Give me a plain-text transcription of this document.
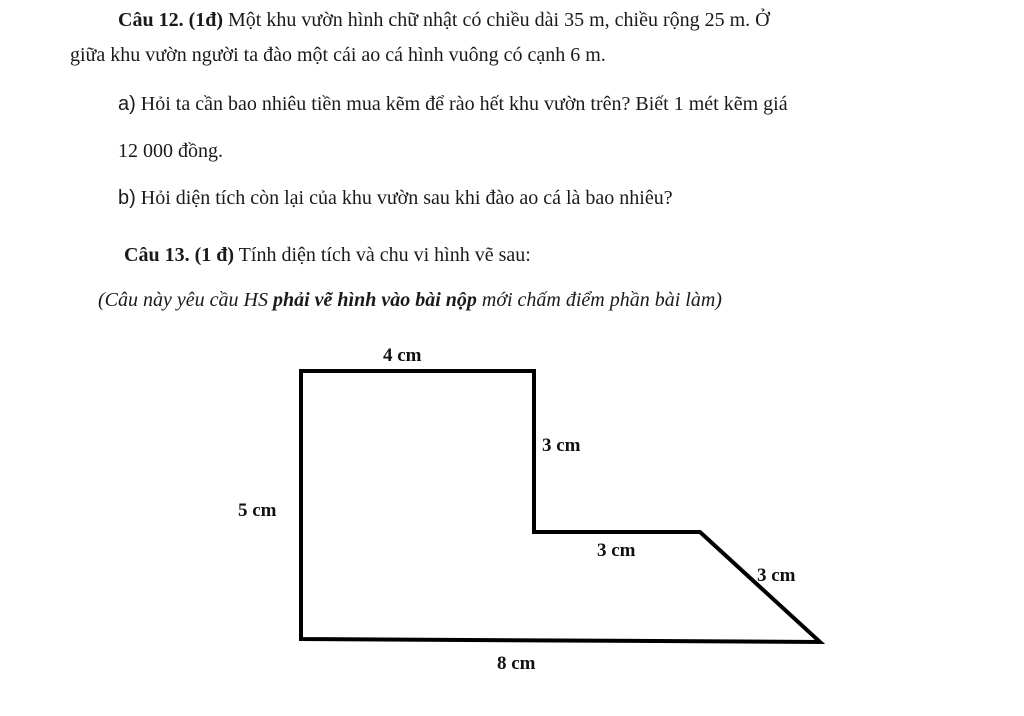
Câu 12. (1đ) Một khu vườn hình chữ nhật có chiều dài 35 m, chiều rộng 25 m. Ở
giữa khu vườn người ta đào một cái ao cá hình vuông có cạnh 6 m.
a) Hỏi ta cần bao nhiêu tiền mua kẽm để rào hết khu vườn trên? Biết 1 mét kẽm giá
12 000 đồng.
b) Hỏi diện tích còn lại của khu vườn sau khi đào ao cá là bao nhiêu?
Câu 13. (1 đ) Tính diện tích và chu vi hình vẽ sau:
(Câu này yêu cầu HS phải vẽ hình vào bài nộp mới chấm điểm phần bài làm)
4 cm
5 cm
3 cm
3 cm
3 cm
8 cm
